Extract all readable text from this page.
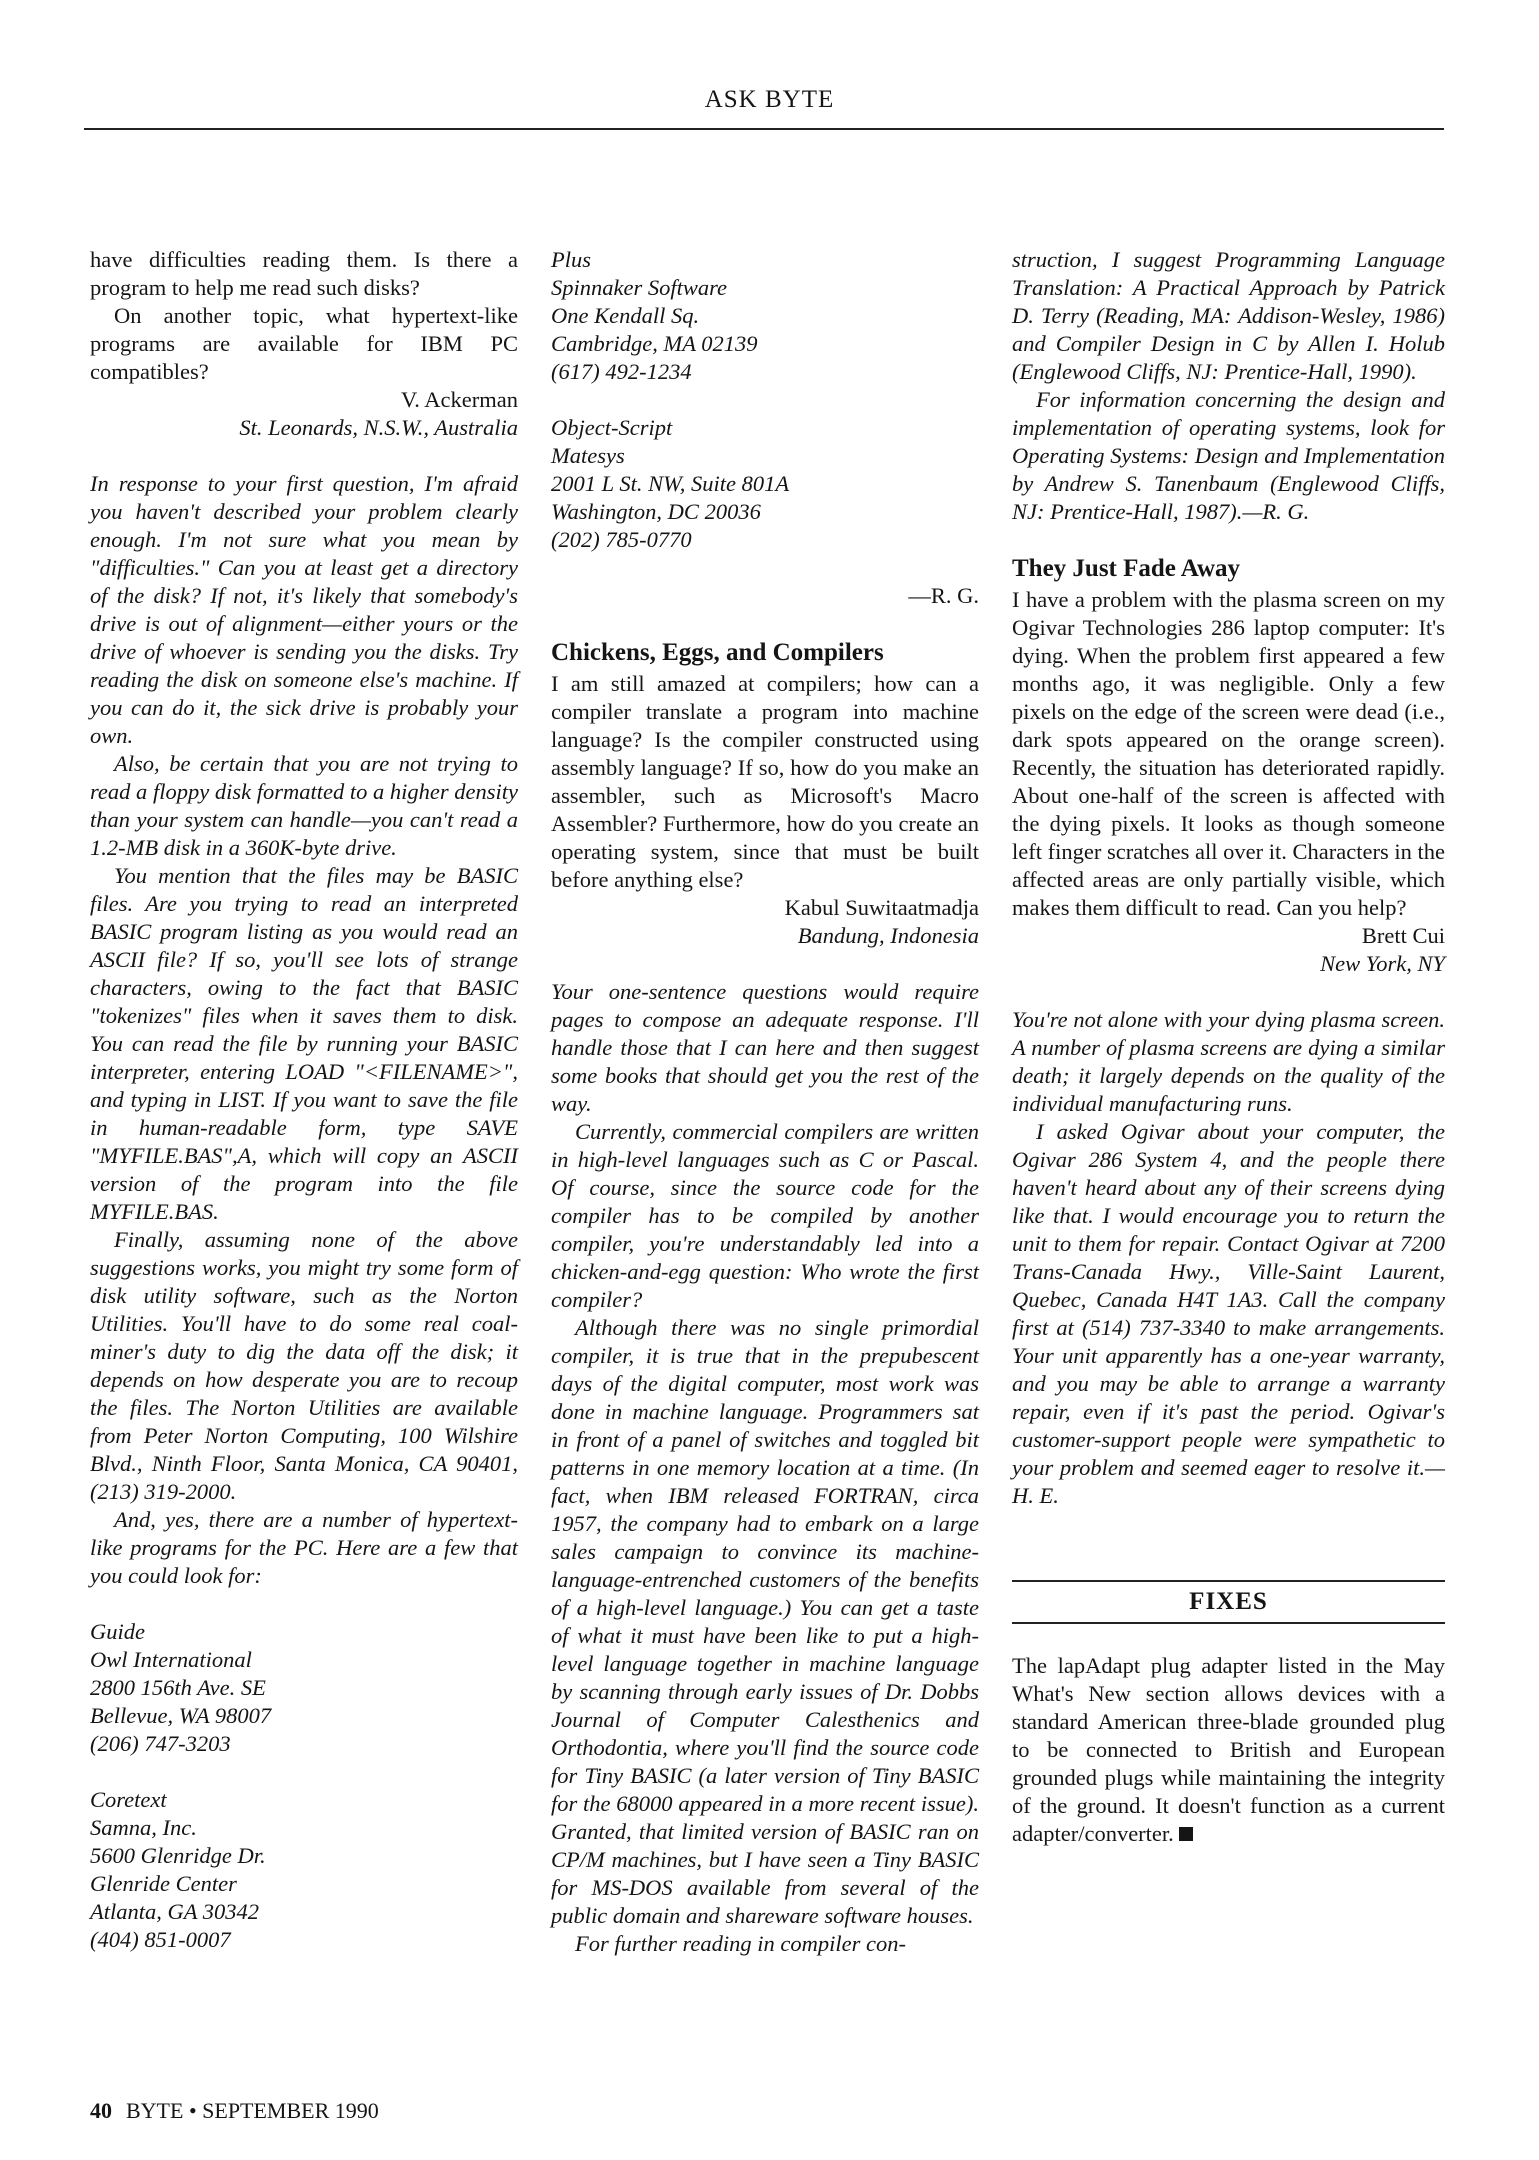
ASK BYTE

have difficulties reading them. Is there a program to help me read such disks?

On another topic, what hypertext-like programs are available for IBM PC compatibles?

V. Ackerman

St. Leonards, N.S.W., Australia

In response to your first question, I'm afraid you haven't described your problem clearly enough. I'm not sure what you mean by "difficulties." Can you at least get a directory of the disk? If not, it's likely that somebody's drive is out of alignment—either yours or the drive of whoever is sending you the disks. Try reading the disk on someone else's machine. If you can do it, the sick drive is probably your own.

Also, be certain that you are not trying to read a floppy disk formatted to a higher density than your system can handle—you can't read a 1.2-MB disk in a 360K-byte drive.

You mention that the files may be BASIC files. Are you trying to read an interpreted BASIC program listing as you would read an ASCII file? If so, you'll see lots of strange characters, owing to the fact that BASIC "tokenizes" files when it saves them to disk. You can read the file by running your BASIC interpreter, entering LOAD "<FILENAME>", and typing in LIST. If you want to save the file in human-readable form, type SAVE "MYFILE.BAS",A, which will copy an ASCII version of the program into the file MYFILE.BAS.

Finally, assuming none of the above suggestions works, you might try some form of disk utility software, such as the Norton Utilities. You'll have to do some real coal-miner's duty to dig the data off the disk; it depends on how desperate you are to recoup the files. The Norton Utilities are available from Peter Norton Computing, 100 Wilshire Blvd., Ninth Floor, Santa Monica, CA 90401, (213) 319-2000.

And, yes, there are a number of hypertext-like programs for the PC. Here are a few that you could look for:

Guide
Owl International
2800 156th Ave. SE
Bellevue, WA 98007
(206) 747-3203
Coretext
Samna, Inc.
5600 Glenridge Dr.
Glenride Center
Atlanta, GA 30342
(404) 851-0007
Plus
Spinnaker Software
One Kendall Sq.
Cambridge, MA 02139
(617) 492-1234
Object-Script
Matesys
2001 L St. NW, Suite 801A
Washington, DC 20036
(202) 785-0770

—R. G.

Chickens, Eggs, and Compilers

I am still amazed at compilers; how can a compiler translate a program into machine language? Is the compiler constructed using assembly language? If so, how do you make an assembler, such as Microsoft's Macro Assembler? Furthermore, how do you create an operating system, since that must be built before anything else?

Kabul Suwitaatmadja

Bandung, Indonesia

Your one-sentence questions would require pages to compose an adequate response. I'll handle those that I can here and then suggest some books that should get you the rest of the way.

Currently, commercial compilers are written in high-level languages such as C or Pascal. Of course, since the source code for the compiler has to be compiled by another compiler, you're understandably led into a chicken-and-egg question: Who wrote the first compiler?

Although there was no single primordial compiler, it is true that in the prepubescent days of the digital computer, most work was done in machine language. Programmers sat in front of a panel of switches and toggled bit patterns in one memory location at a time. (In fact, when IBM released FORTRAN, circa 1957, the company had to embark on a large sales campaign to convince its machine-language-entrenched customers of the benefits of a high-level language.) You can get a taste of what it must have been like to put a high-level language together in machine language by scanning through early issues of Dr. Dobbs Journal of Computer Calesthenics and Orthodontia, where you'll find the source code for Tiny BASIC (a later version of Tiny BASIC for the 68000 appeared in a more recent issue). Granted, that limited version of BASIC ran on CP/M machines, but I have seen a Tiny BASIC for MS-DOS available from several of the public domain and shareware software houses.

For further reading in compiler con-

struction, I suggest Programming Language Translation: A Practical Approach by Patrick D. Terry (Reading, MA: Addison-Wesley, 1986) and Compiler Design in C by Allen I. Holub (Englewood Cliffs, NJ: Prentice-Hall, 1990).

For information concerning the design and implementation of operating systems, look for Operating Systems: Design and Implementation by Andrew S. Tanenbaum (Englewood Cliffs, NJ: Prentice-Hall, 1987).—R. G.

They Just Fade Away

I have a problem with the plasma screen on my Ogivar Technologies 286 laptop computer: It's dying. When the problem first appeared a few months ago, it was negligible. Only a few pixels on the edge of the screen were dead (i.e., dark spots appeared on the orange screen). Recently, the situation has deteriorated rapidly. About one-half of the screen is affected with the dying pixels. It looks as though someone left finger scratches all over it. Characters in the affected areas are only partially visible, which makes them difficult to read. Can you help?

Brett Cui

New York, NY

You're not alone with your dying plasma screen. A number of plasma screens are dying a similar death; it largely depends on the quality of the individual manufacturing runs.

I asked Ogivar about your computer, the Ogivar 286 System 4, and the people there haven't heard about any of their screens dying like that. I would encourage you to return the unit to them for repair. Contact Ogivar at 7200 Trans-Canada Hwy., Ville-Saint Laurent, Quebec, Canada H4T 1A3. Call the company first at (514) 737-3340 to make arrangements. Your unit apparently has a one-year warranty, and you may be able to arrange a warranty repair, even if it's past the period. Ogivar's customer-support people were sympathetic to your problem and seemed eager to resolve it.—H. E.

FIXES

The lapAdapt plug adapter listed in the May What's New section allows devices with a standard American three-blade grounded plug to be connected to British and European grounded plugs while maintaining the integrity of the ground. It doesn't function as a current adapter/converter.

40 BYTE • SEPTEMBER 1990
